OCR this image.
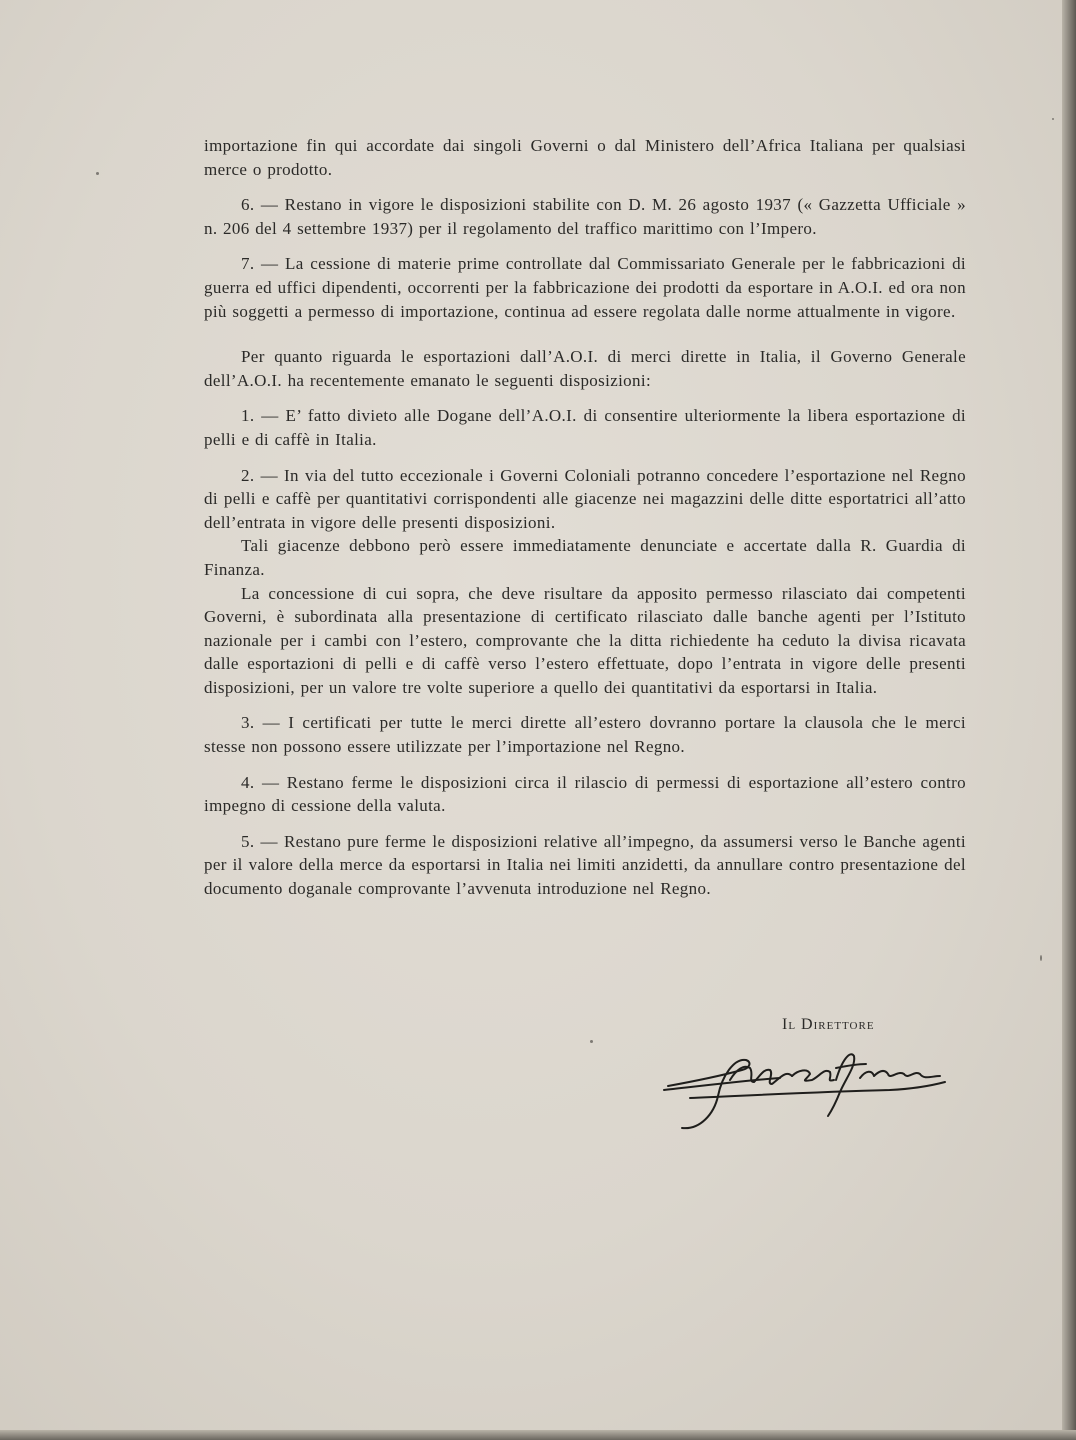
importazione fin qui accordate dai singoli Governi o dal Ministero dell’Africa Italiana per qualsiasi merce o prodotto.

6. — Restano in vigore le disposizioni stabilite con D. M. 26 agosto 1937 (« Gazzetta Ufficiale » n. 206 del 4 settembre 1937) per il regolamento del traffico marittimo con l’Impero.

7. — La cessione di materie prime controllate dal Commissariato Generale per le fabbricazioni di guerra ed uffici dipendenti, occorrenti per la fabbricazione dei prodotti da esportare in A.O.I. ed ora non più soggetti a permesso di importazione, continua ad essere regolata dalle norme attualmente in vigore.

Per quanto riguarda le esportazioni dall’A.O.I. di merci dirette in Italia, il Governo Generale dell’A.O.I. ha recentemente emanato le seguenti disposizioni:

1. — E’ fatto divieto alle Dogane dell’A.O.I. di consentire ulteriormente la libera esportazione di pelli e di caffè in Italia.

2. — In via del tutto eccezionale i Governi Coloniali potranno concedere l’esportazione nel Regno di pelli e caffè per quantitativi corrispondenti alle giacenze nei magazzini delle ditte esportatrici all’atto dell’entrata in vigore delle presenti disposizioni.

Tali giacenze debbono però essere immediatamente denunciate e accertate dalla R. Guardia di Finanza.

La concessione di cui sopra, che deve risultare da apposito permesso rilasciato dai competenti Governi, è subordinata alla presentazione di certificato rilasciato dalle banche agenti per l’Istituto nazionale per i cambi con l’estero, comprovante che la ditta richiedente ha ceduto la divisa ricavata dalle esportazioni di pelli e di caffè verso l’estero effettuate, dopo l’entrata in vigore delle presenti disposizioni, per un valore tre volte superiore a quello dei quantitativi da esportarsi in Italia.

3. — I certificati per tutte le merci dirette all’estero dovranno portare la clausola che le merci stesse non possono essere utilizzate per l’importazione nel Regno.

4. — Restano ferme le disposizioni circa il rilascio di permessi di esportazione all’estero contro impegno di cessione della valuta.

5. — Restano pure ferme le disposizioni relative all’impegno, da assumersi verso le Banche agenti per il valore della merce da esportarsi in Italia nei limiti anzidetti, da annullare contro presentazione del documento doganale comprovante l’avvenuta introduzione nel Regno.

Il Direttore
